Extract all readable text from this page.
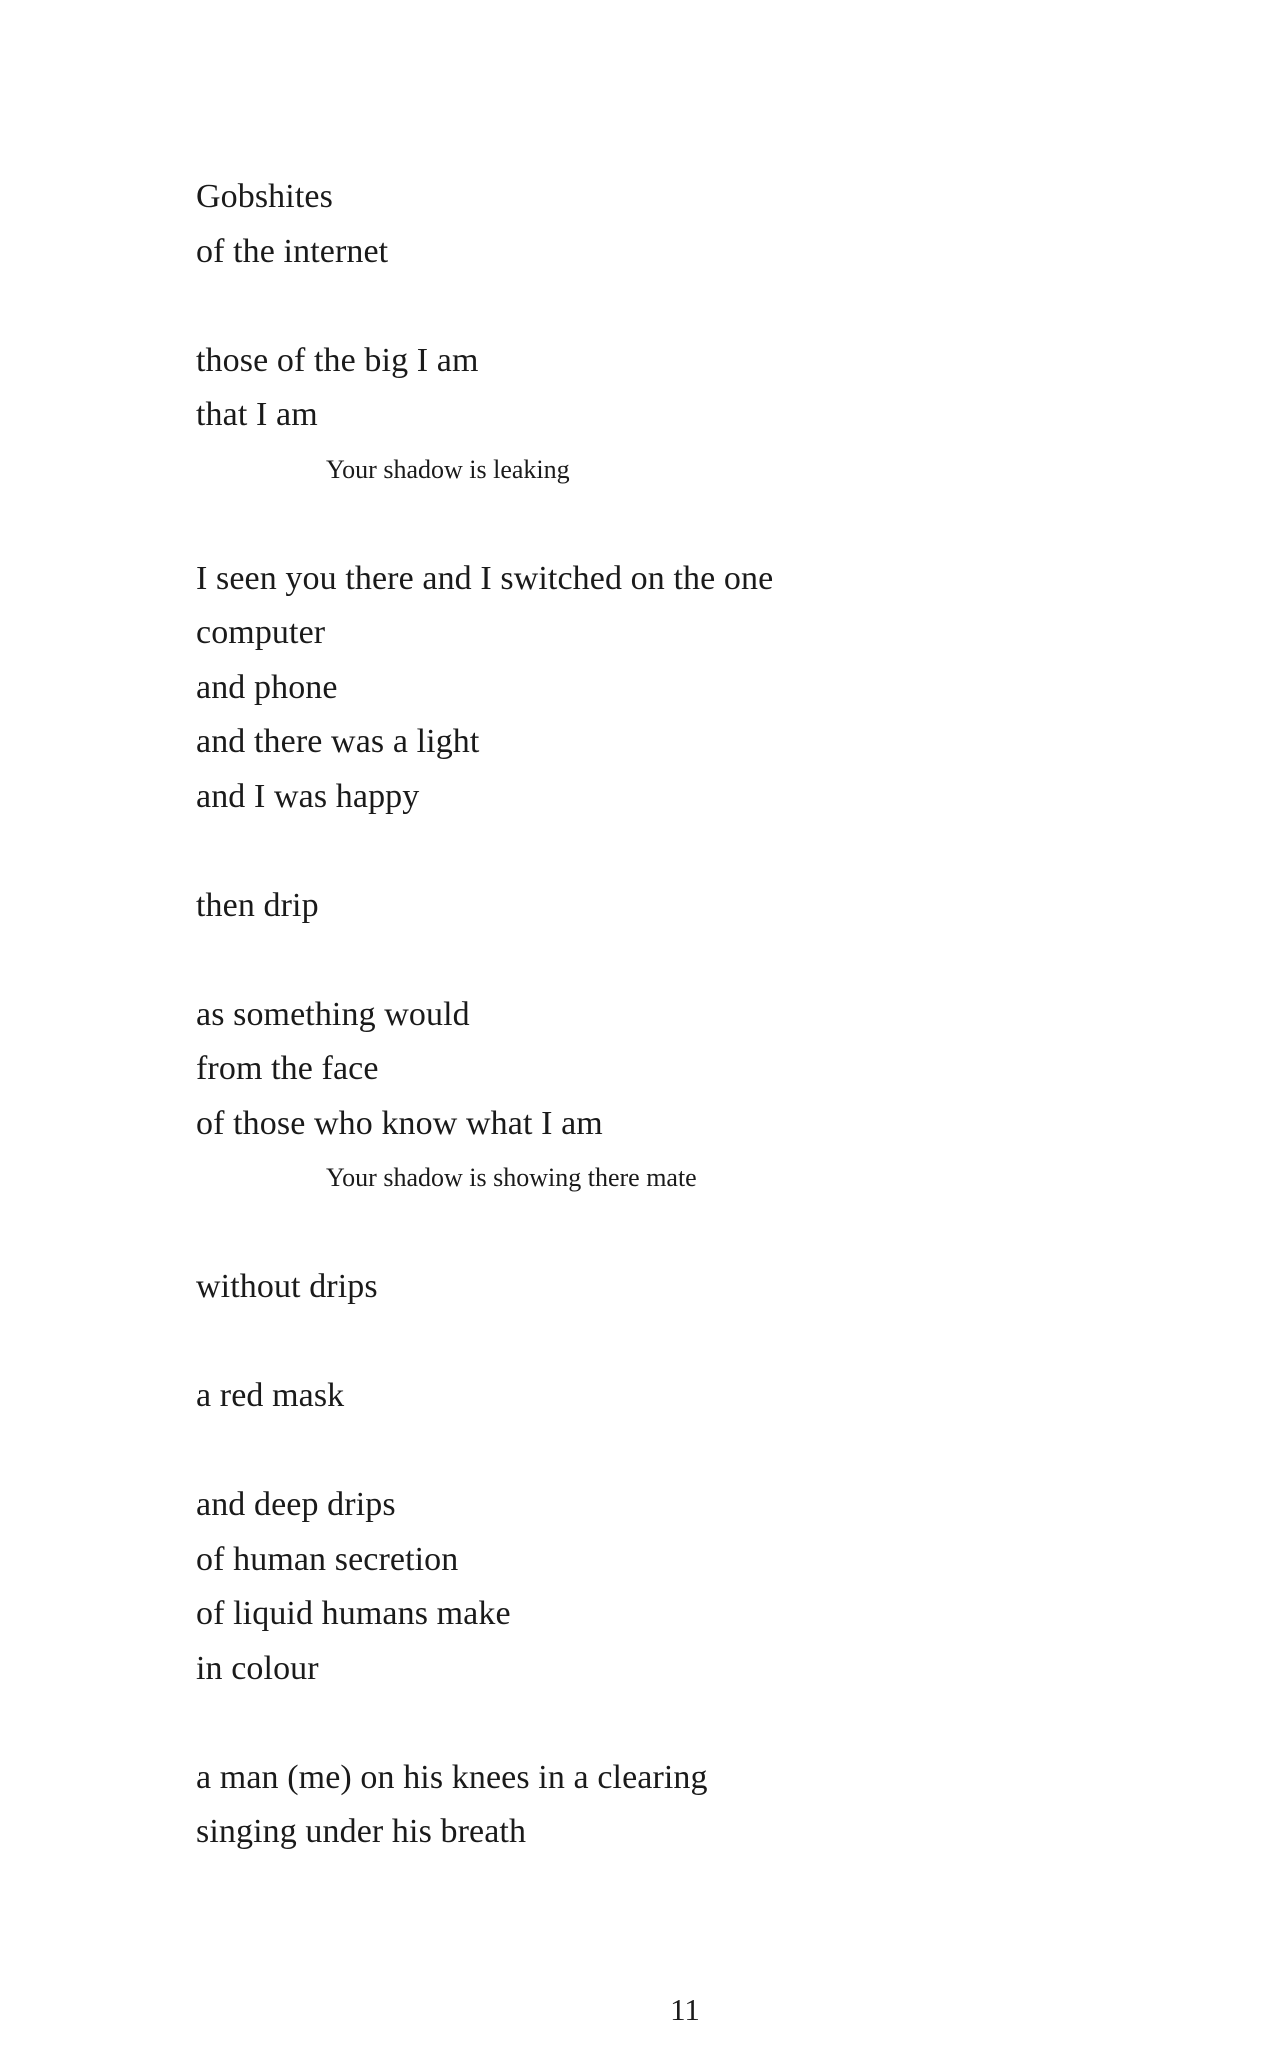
Gobshites
of the internet
those of the big I am
that I am
Your shadow is leaking
I seen you there and I switched on the one
computer
and phone
and there was a light
and I was happy
then drip
as something would
from the face
of those who know what I am
Your shadow is showing there mate
without drips
a red mask
and deep drips
of human secretion
of liquid humans make
in colour
a man (me) on his knees in a clearing
singing under his breath
11
